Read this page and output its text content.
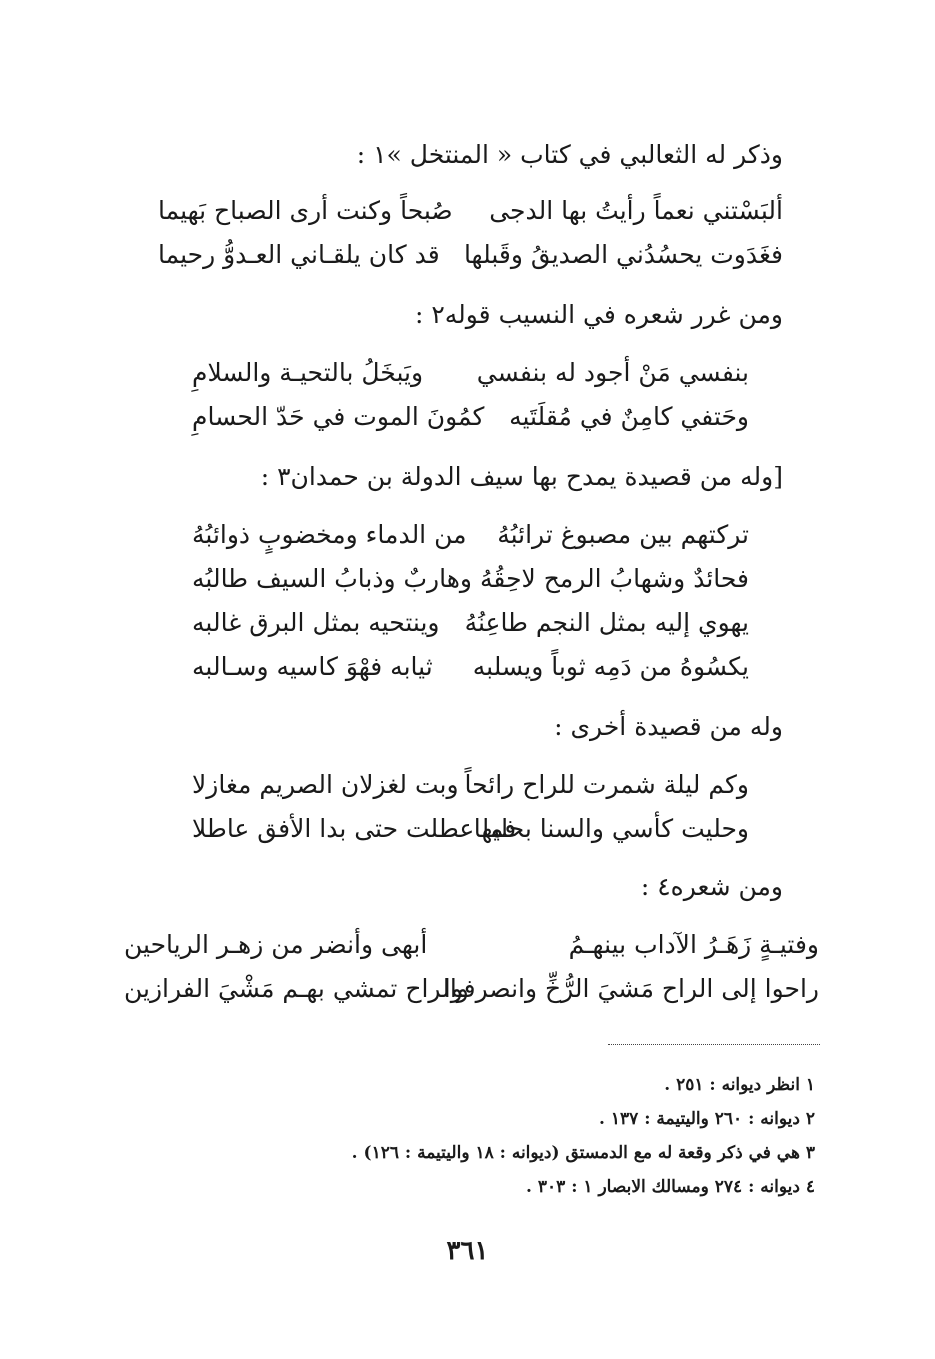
وذكر له الثعالبي في كتاب « المنتخل »١ :
ألبَسْتني نعماً رأيتُ بها الدجى
صُبحاً وكنت أرى الصباح بَهيما
فغَدَوت يحسُدُني الصديقُ وقَبلها
قد كان يلقـاني العـدوُّ رحيما
ومن غرر شعره في النسيب قوله٢ :
بنفسي مَنْ أجود له بنفسي
ويَبخَلُ بالتحيـة والسلامِ
وحَتفي كامِنٌ في مُقلَتَيه
كمُونَ الموت في حَدّ الحسامِ
[وله من قصيدة يمدح بها سيف الدولة بن حمدان٣ :
تركتهم بين مصبوغ ترائبُهُ
من الدماء ومخضوبٍ ذوائبُهُ
فحائدٌ وشهابُ الرمح لاحِقُهُ
وهاربٌ وذبابُ السيف طالبُه
يهوي إليه بمثل النجم طاعِنُهُ
وينتحيه بمثل البرق غالبه
يكسُوهُ من دَمِه ثوباً ويسلبه
ثيابه فهْوَ كاسيه وسـالبه
وله من قصيدة أخرى :
وكم ليلة شمرت للراح رائحاً
وبت لغزلان الصريم مغازلا
وحليت كأسي والسنا بحليها
فما عطلت حتى بدا الأفق عاطلا
ومن شعره٤ :
وفتيـةٍ زَهَـرُ الآداب بينهـمُ
أبهى وأنضر من زهـر الرياحين
راحوا إلى الراح مَشيَ الرُّخِّ وانصرفوا
والراح تمشي بهـم مَشْيَ الفرازين
١ انظر ديوانه : ٢٥١ .
٢ ديوانه : ٢٦٠ واليتيمة : ١٣٧ .
٣ هي في ذكر وقعة له مع الدمستق (ديوانه : ١٨ واليتيمة : ١٢٦) .
٤ ديوانه : ٢٧٤ ومسالك الابصار ١ : ٣٠٣ .
٣٦١
